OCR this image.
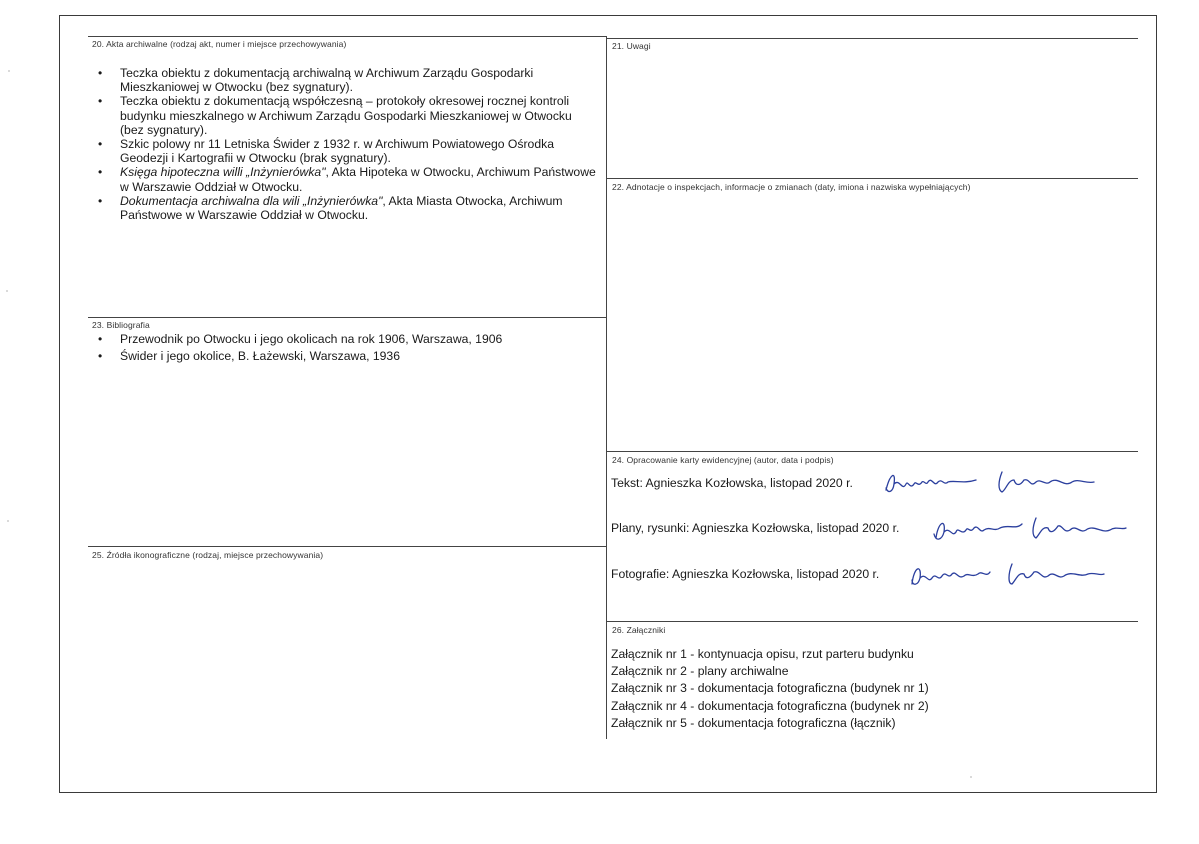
20. Akta archiwalne (rodzaj akt, numer i miejsce przechowywania)
• Teczka obiektu z dokumentacją archiwalną w Archiwum Zarządu Gospodarki Mieszkaniowej w Otwocku (bez sygnatury).
• Teczka obiektu z dokumentacją współczesną – protokoły okresowej rocznej kontroli budynku mieszkalnego w Archiwum Zarządu Gospodarki Mieszkaniowej w Otwocku (bez sygnatury).
• Szkic polowy nr 11 Letniska Świder z 1932 r. w Archiwum Powiatowego Ośrodka Geodezji i Kartografii w Otwocku (brak sygnatury).
• Księga hipoteczna willi „Inżynierówka", Akta Hipoteka w Otwocku, Archiwum Państwowe w Warszawie Oddział w Otwocku.
• Dokumentacja archiwalna dla wili „Inżynierówka", Akta Miasta Otwocka, Archiwum Państwowe w Warszawie Oddział w Otwocku.
21. Uwagi
22. Adnotacje o inspekcjach, informacje o zmianach (daty, imiona i nazwiska wypełniających)
23. Bibliografia
• Przewodnik po Otwocku i jego okolicach na rok 1906, Warszawa, 1906
• Świder i jego okolice, B. Łażewski, Warszawa, 1936
24. Opracowanie karty ewidencyjnej (autor, data i podpis)
Tekst: Agnieszka Kozłowska, listopad 2020 r.
Plany, rysunki: Agnieszka Kozłowska, listopad 2020 r.
Fotografie: Agnieszka Kozłowska, listopad 2020 r.
25. Źródła ikonograficzne (rodzaj, miejsce przechowywania)
26. Załączniki
Załącznik nr 1 - kontynuacja opisu, rzut parteru budynku
Załącznik nr 2 - plany archiwalne
Załącznik nr 3 - dokumentacja fotograficzna (budynek nr 1)
Załącznik nr 4 - dokumentacja fotograficzna (budynek nr 2)
Załącznik nr 5 - dokumentacja fotograficzna (łącznik)
